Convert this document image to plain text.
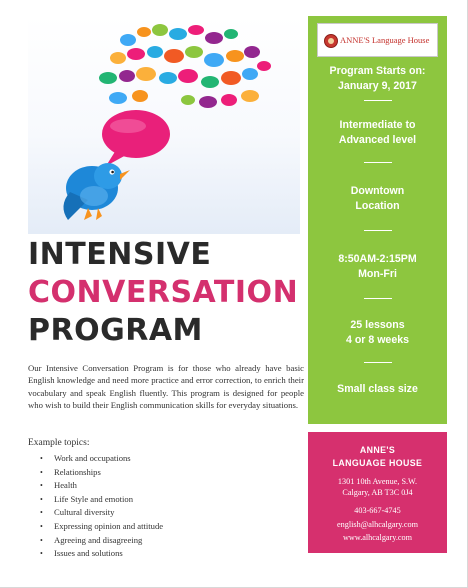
INTENSIVE
CONVERSATION
PROGRAM

Our Intensive Conversation Program is for those who already have basic English knowledge and need more practice and error correction, to enrich their vocabulary and speak English fluently. This program is designed for people who wish to build their English communication skills for everyday situations.

Example topics:
• Work and occupations
• Relationships
• Health
• Life Style and emotion
• Cultural diversity
• Expressing opinion and attitude
• Agreeing and disagreeing
• Issues and solutions
ANNE'S Language House
Program Starts on:
January 9, 2017
Intermediate to
Advanced level
Downtown
Location
8:50AM-2:15PM
Mon-Fri
25 lessons
4 or 8 weeks
Small class size
ANNE'S
LANGUAGE HOUSE
1301 10th Avenue, S.W.
Calgary, AB T3C 0J4
403-667-4745
english@alhcalgary.com
www.alhcalgary.com
